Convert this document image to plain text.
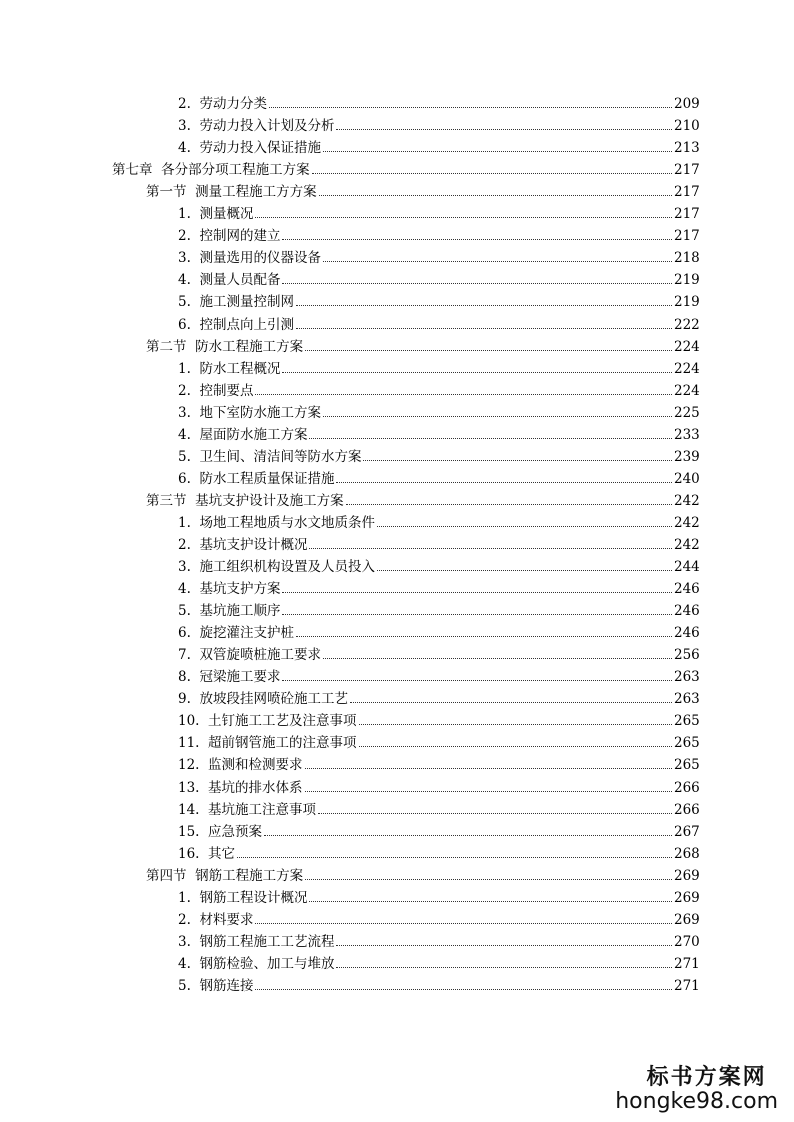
2.  劳动力分类	209
3.  劳动力投入计划及分析	210
4.  劳动力投入保证措施	213
第七章  各分部分项工程施工方案	217
第一节  测量工程施工方方案	217
1.  测量概况	217
2.  控制网的建立	217
3.  测量选用的仪器设备	218
4.  测量人员配备	219
5.  施工测量控制网	219
6.  控制点向上引测	222
第二节  防水工程施工方案	224
1.  防水工程概况	224
2.  控制要点	224
3.  地下室防水施工方案	225
4.  屋面防水施工方案	233
5.  卫生间、清洁间等防水方案	239
6.  防水工程质量保证措施	240
第三节  基坑支护设计及施工方案	242
1.  场地工程地质与水文地质条件	242
2.  基坑支护设计概况	242
3.  施工组织机构设置及人员投入	244
4.  基坑支护方案	246
5.  基坑施工顺序	246
6.  旋挖灌注支护桩	246
7.  双管旋喷桩施工要求	256
8.  冠梁施工要求	263
9.  放坡段挂网喷砼施工工艺	263
10.  土钉施工工艺及注意事项	265
11.  超前钢管施工的注意事项	265
12.  监测和检测要求	265
13.  基坑的排水体系	266
14.  基坑施工注意事项	266
15.  应急预案	267
16.  其它	268
第四节  钢筋工程施工方案	269
1.  钢筋工程设计概况	269
2.  材料要求	269
3.  钢筋工程施工工艺流程	270
4.  钢筋检验、加工与堆放	271
5.  钢筋连接	271
标书方案网
hongke98.com
